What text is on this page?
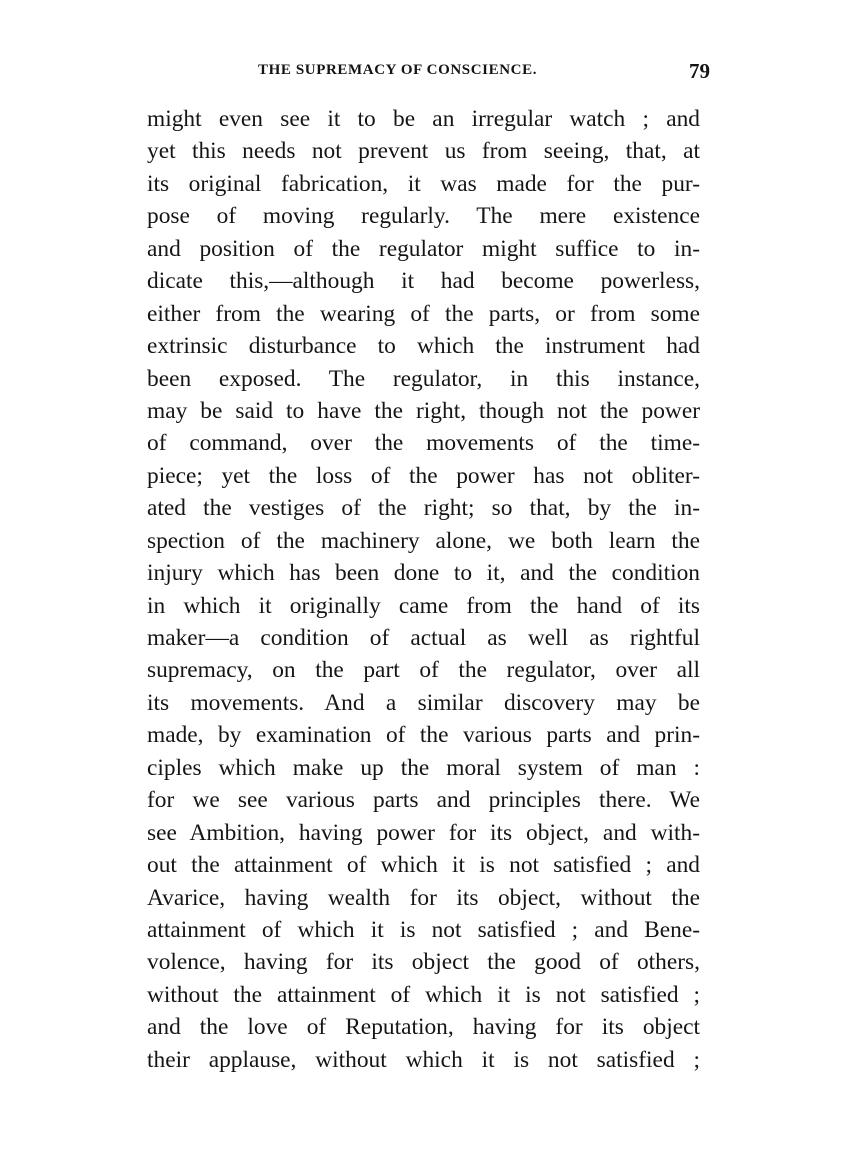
THE SUPREMACY OF CONSCIENCE.	79
might even see it to be an irregular watch ; and
yet this needs not prevent us from seeing, that, at
its original fabrication, it was made for the pur-
pose of moving regularly. The mere existence
and position of the regulator might suffice to in-
dicate this,—although it had become powerless,
either from the wearing of the parts, or from some
extrinsic disturbance to which the instrument had
been exposed. The regulator, in this instance,
may be said to have the right, though not the power
of command, over the movements of the time-
piece; yet the loss of the power has not obliter-
ated the vestiges of the right; so that, by the in-
spection of the machinery alone, we both learn the
injury which has been done to it, and the condition
in which it originally came from the hand of its
maker—a condition of actual as well as rightful
supremacy, on the part of the regulator, over all
its movements. And a similar discovery may be
made, by examination of the various parts and prin-
ciples which make up the moral system of man :
for we see various parts and principles there. We
see Ambition, having power for its object, and with-
out the attainment of which it is not satisfied ; and
Avarice, having wealth for its object, without the
attainment of which it is not satisfied ; and Bene-
volence, having for its object the good of others,
without the attainment of which it is not satisfied ;
and the love of Reputation, having for its object
their applause, without which it is not satisfied ;
